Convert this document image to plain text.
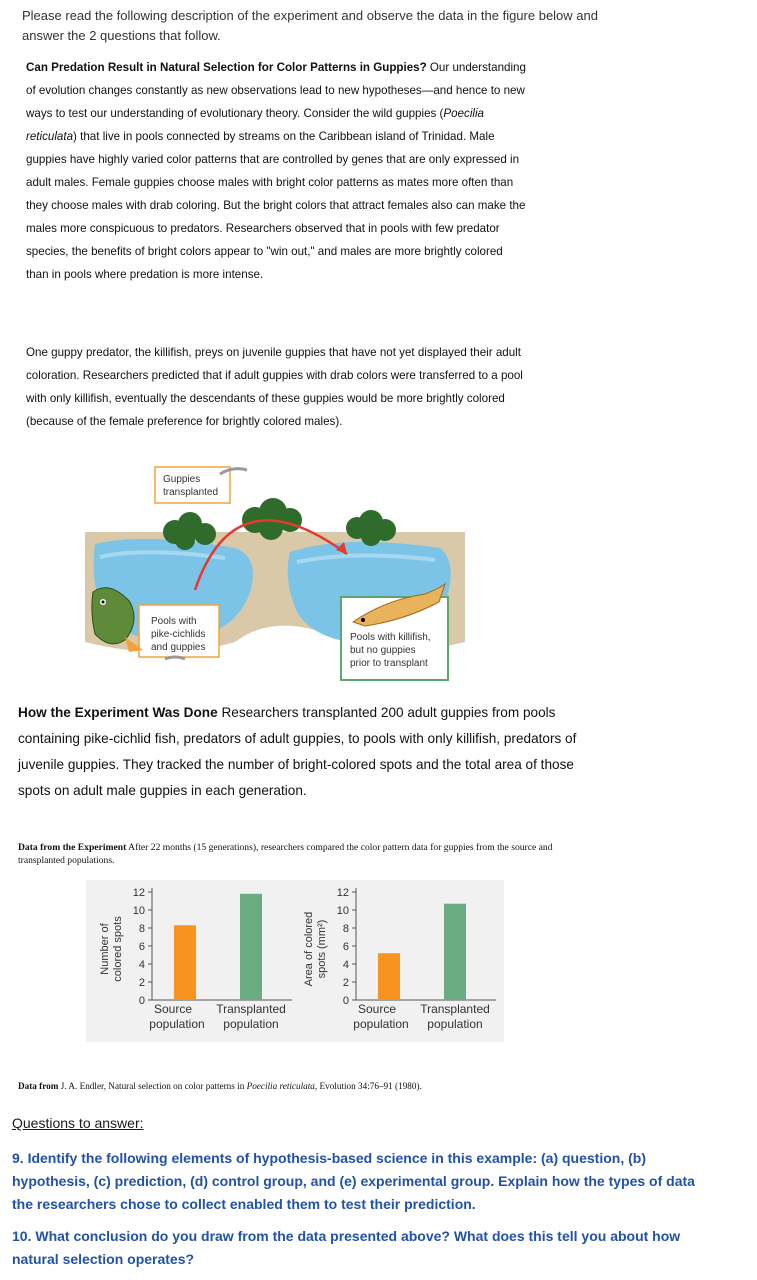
Please read the following description of the experiment and observe the data in the figure below and answer the 2 questions that follow.
Can Predation Result in Natural Selection for Color Patterns in Guppies? Our understanding of evolution changes constantly as new observations lead to new hypotheses—and hence to new ways to test our understanding of evolutionary theory. Consider the wild guppies (Poecilia reticulata) that live in pools connected by streams on the Caribbean island of Trinidad. Male guppies have highly varied color patterns that are controlled by genes that are only expressed in adult males. Female guppies choose males with bright color patterns as mates more often than they choose males with drab coloring. But the bright colors that attract females also can make the males more conspicuous to predators. Researchers observed that in pools with few predator species, the benefits of bright colors appear to "win out," and males are more brightly colored than in pools where predation is more intense.
One guppy predator, the killifish, preys on juvenile guppies that have not yet displayed their adult coloration. Researchers predicted that if adult guppies with drab colors were transferred to a pool with only killifish, eventually the descendants of these guppies would be more brightly colored (because of the female preference for brightly colored males).
Guppies
transplanted
Pools with
pike-cichlids
and guppies
Pools with killifish,
but no guppies
prior to transplant
How the Experiment Was Done Researchers transplanted 200 adult guppies from pools containing pike-cichlid fish, predators of adult guppies, to pools with only killifish, predators of juvenile guppies. They tracked the number of bright-colored spots and the total area of those spots on adult male guppies in each generation.
Data from the Experiment After 22 months (15 generations), researchers compared the color pattern data for guppies from the source and transplanted populations.
0
2
4
6
8
10
12
Number ofcolored spots
Source
population
Transplanted
population
0
2
4
6
8
10
12
Area of coloredspots (mm²)
Source
population
Transplanted
population
Data from J. A. Endler, Natural selection on color patterns in Poecilia reticulata, Evolution 34:76–91 (1980).
Questions to answer:
9. Identify the following elements of hypothesis-based science in this example: (a) question, (b) hypothesis, (c) prediction, (d) control group, and (e) experimental group. Explain how the types of data the researchers chose to collect enabled them to test their prediction.
10. What conclusion do you draw from the data presented above? What does this tell you about how natural selection operates?
